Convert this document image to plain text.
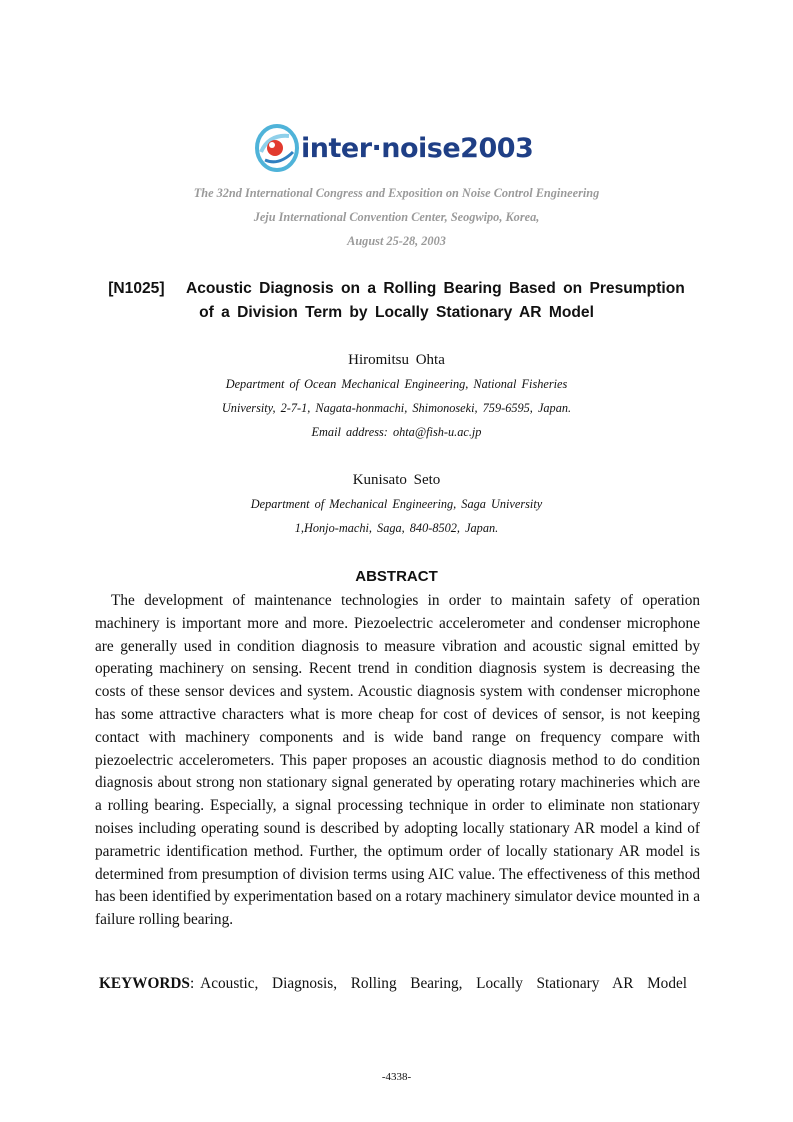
inter·noise2003
The 32nd International Congress and Exposition on Noise Control Engineering
Jeju International Convention Center, Seogwipo, Korea,
August 25-28, 2003
[N1025]   Acoustic Diagnosis on a Rolling Bearing Based on Presumption
of a Division Term by Locally Stationary AR Model
Hiromitsu Ohta
Department of Ocean Mechanical Engineering, National Fisheries
University, 2-7-1, Nagata-honmachi, Shimonoseki, 759-6595, Japan.
Email address: ohta@fish-u.ac.jp
Kunisato Seto
Department of Mechanical Engineering, Saga University
1,Honjo-machi, Saga, 840-8502, Japan.
ABSTRACT

The development of maintenance technologies in order to maintain safety of operation machinery is important more and more. Piezoelectric accelerometer and condenser microphone are generally used in condition diagnosis to measure vibration and acoustic signal emitted by operating machinery on sensing. Recent trend in condition diagnosis system is decreasing the costs of these sensor devices and system. Acoustic diagnosis system with condenser microphone has some attractive characters what is more cheap for cost of devices of sensor, is not keeping contact with machinery components and is wide band range on frequency compare with piezoelectric accelerometers. This paper proposes an acoustic diagnosis method to do condition diagnosis about strong non stationary signal generated by operating rotary machineries which are a rolling bearing. Especially, a signal processing technique in order to eliminate non stationary noises including operating sound is described by adopting locally stationary AR model a kind of parametric identification method. Further, the optimum order of locally stationary AR model is determined from presumption of division terms using AIC value. The effectiveness of this method has been identified by experimentation based on a rotary machinery simulator device mounted in a failure rolling bearing.

KEYWORDS: Acoustic,  Diagnosis,  Rolling  Bearing,  Locally  Stationary  AR  Model
-4338-
